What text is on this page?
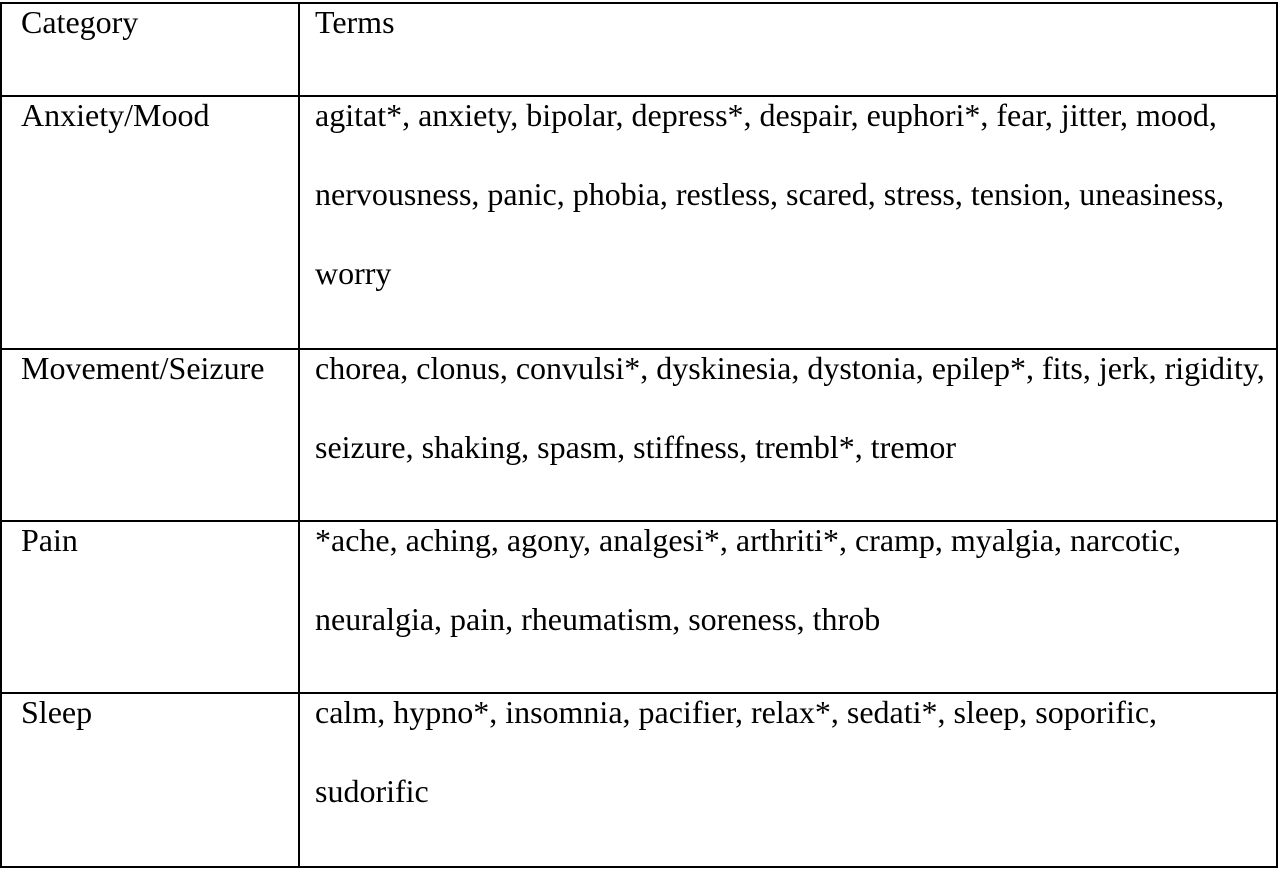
Category	Terms

Anxiety/Mood	agitat*, anxiety, bipolar, depress*, despair, euphori*, fear, jitter, mood, nervousness, panic, phobia, restless, scared, stress, tension, uneasiness, worry

Movement/Seizure	chorea, clonus, convulsi*, dyskinesia, dystonia, epilep*, fits, jerk, rigidity, seizure, shaking, spasm, stiffness, trembl*, tremor

Pain	*ache, aching, agony, analgesi*, arthriti*, cramp, myalgia, narcotic, neuralgia, pain, rheumatism, soreness, throb

Sleep	calm, hypno*, insomnia, pacifier, relax*, sedati*, sleep, soporific, sudorific
